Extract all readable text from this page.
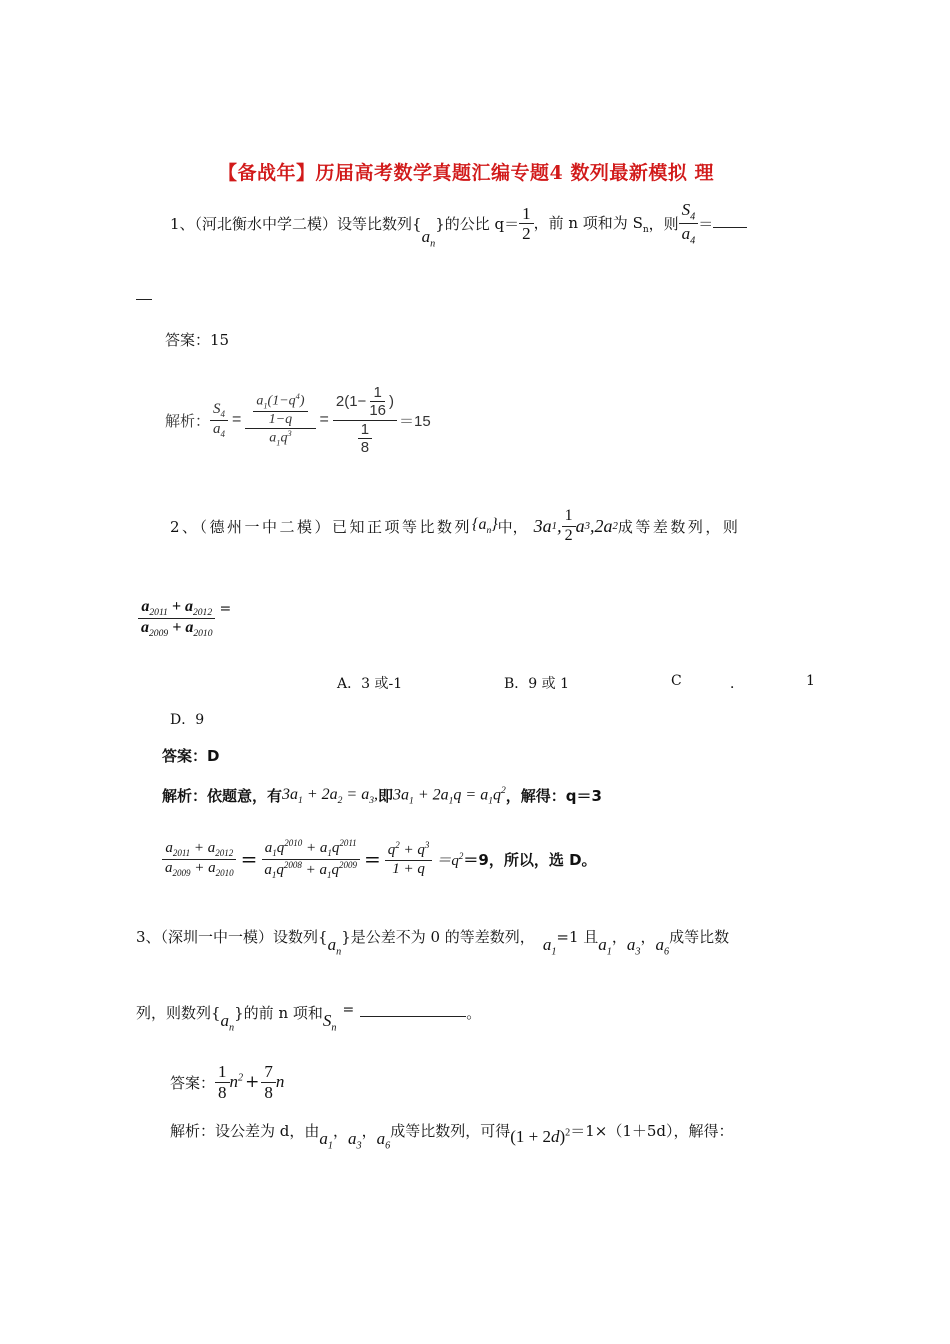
【备战年】历届高考数学真题汇编专题4 数列最新模拟 理
1、（河北衡水中学二模）设等比数列$\{a_n\}$的公比 $q= \frac{1}{2}$ ，前 n 项和为 $S_n$，则 $\frac{S_4}{a_4}$ ＝
答案：15
解析： $\frac{S_4}{a_4} = \frac{\frac{a_1(1-q^4)}{1-q}}{a_1q^3} = \frac{2(1- \frac{1}{16} )}{\frac{1}{8}} =15$
2、（德州一中二模）已知正项等比数列 $\{a_n\}$ 中， 3a 1 , $\frac{1}{2}$ a 3 ,2a 2 成等差数列，则
$\frac{a_{2011} + a_{2012}}{a_{2009} + a_{2010}}$ =
A．3 或-1	B．9 或 1	C	．	1
D．9
答案：D
解析：依题意，有 $3a_1 + 2a_2 = a_3$, 即 $3a_1 + 2a_1q = a_1q^2$ ，解得：q＝3
$\frac{a_{2011} + a_{2012}}{a_{2009} + a_{2010}} = \frac{a_1q^{2010} + a_1q^{2011}}{a_1q^{2008} + a_1q^{2009}} = \frac{q^2 + q^3}{1 + q} =q^2 =9$，所以，选 D。
3、（深圳一中一模）设数列$\{a_n\}$是公差不为 0 的等差数列， $a_1=1$ 且$a_1$，$a_3$，$a_6$成等比数
列，则数列$\{a_n\}$的前 n 项和$S_n=$	。
答案： $\frac{1}{8} n^2 + \frac{7}{8}$ n
解析：设公差为 d，由$a_1$，$a_3$，$a_6$成等比数列，可得$(1 + 2d)^2=1\times(1+5d)$，解得：
